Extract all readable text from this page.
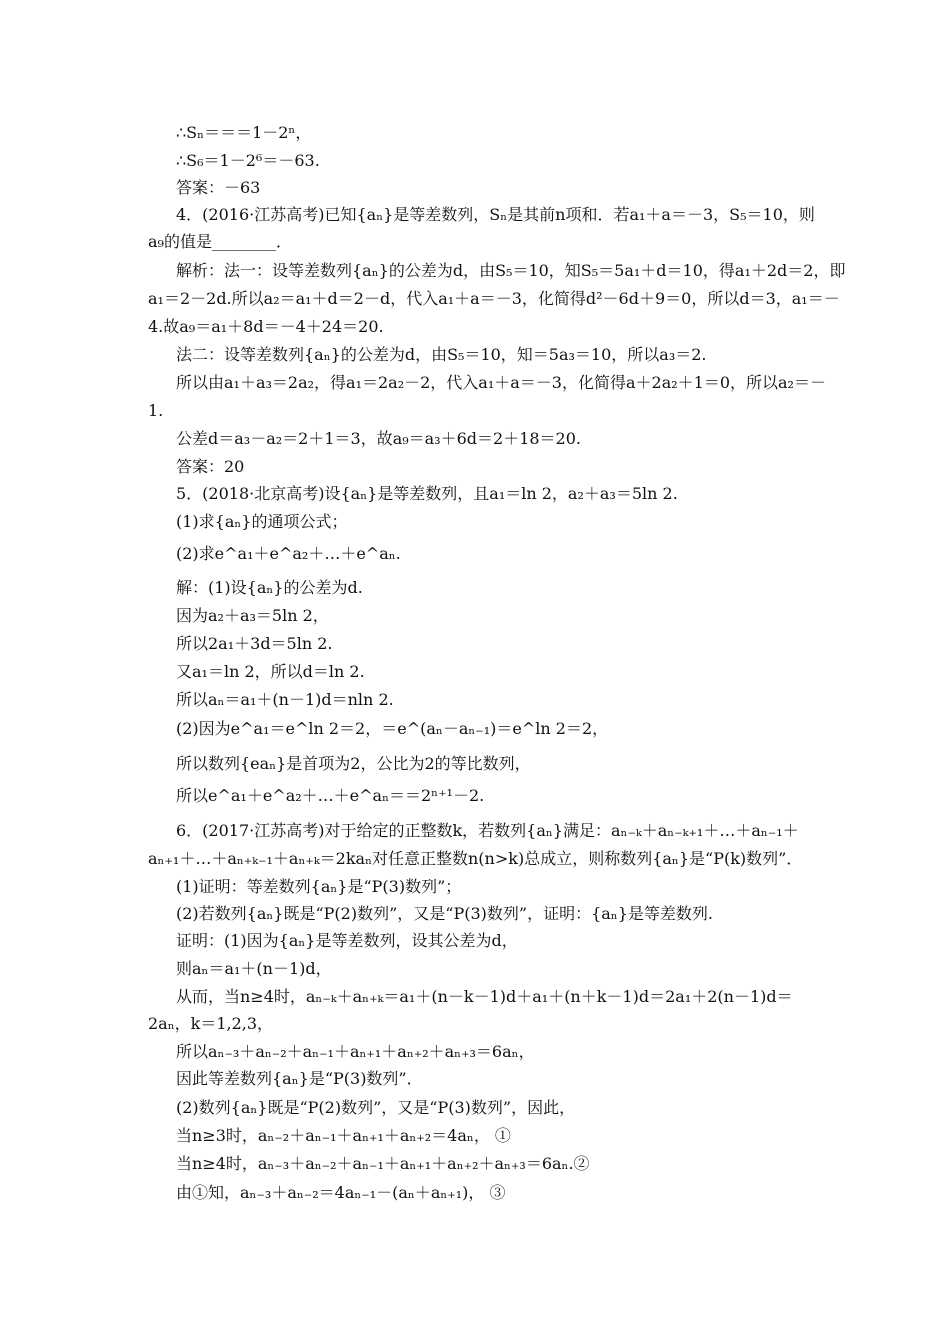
∴Sₙ＝＝＝1－2ⁿ，
∴S₆＝1－2⁶＝－63.
答案：－63
4．(2016·江苏高考)已知{aₙ}是等差数列，Sₙ是其前n项和．若a₁＋a＝－3，S₅＝10，则
a₉的值是________．
解析：法一：设等差数列{aₙ}的公差为d，由S₅＝10，知S₅＝5a₁＋d＝10，得a₁＋2d＝2，即
a₁＝2－2d.所以a₂＝a₁＋d＝2－d，代入a₁＋a＝－3，化简得d²－6d＋9＝0，所以d＝3，a₁＝－
4.故a₉＝a₁＋8d＝－4＋24＝20.
法二：设等差数列{aₙ}的公差为d，由S₅＝10，知＝5a₃＝10，所以a₃＝2.
所以由a₁＋a₃＝2a₂，得a₁＝2a₂－2，代入a₁＋a＝－3，化简得a＋2a₂＋1＝0，所以a₂＝－
1.
公差d＝a₃－a₂＝2＋1＝3，故a₉＝a₃＋6d＝2＋18＝20.
答案：20
5．(2018·北京高考)设{aₙ}是等差数列，且a₁＝ln 2，a₂＋a₃＝5ln 2.
(1)求{aₙ}的通项公式；
(2)求e^a₁＋e^a₂＋…＋e^aₙ.
解：(1)设{aₙ}的公差为d.
因为a₂＋a₃＝5ln 2，
所以2a₁＋3d＝5ln 2.
又a₁＝ln 2，所以d＝ln 2.
所以aₙ＝a₁＋(n－1)d＝nln 2.
(2)因为e^a₁＝e^ln 2＝2，＝e^(aₙ－aₙ₋₁)＝e^ln 2＝2，
所以数列{eaₙ}是首项为2，公比为2的等比数列，
所以e^a₁＋e^a₂＋…＋e^aₙ＝＝2ⁿ⁺¹－2.
6．(2017·江苏高考)对于给定的正整数k，若数列{aₙ}满足：aₙ₋ₖ＋aₙ₋ₖ₊₁＋…＋aₙ₋₁＋
aₙ₊₁＋…＋aₙ₊ₖ₋₁＋aₙ₊ₖ＝2kaₙ对任意正整数n(n>k)总成立，则称数列{aₙ}是“P(k)数列”．
(1)证明：等差数列{aₙ}是“P(3)数列”；
(2)若数列{aₙ}既是“P(2)数列”，又是“P(3)数列”，证明：{aₙ}是等差数列.
证明：(1)因为{aₙ}是等差数列，设其公差为d，
则aₙ＝a₁＋(n－1)d，
从而，当n≥4时，aₙ₋ₖ＋aₙ₊ₖ＝a₁＋(n－k－1)d＋a₁＋(n＋k－1)d＝2a₁＋2(n－1)d＝
2aₙ，k＝1,2,3，
所以aₙ₋₃＋aₙ₋₂＋aₙ₋₁＋aₙ₊₁＋aₙ₊₂＋aₙ₊₃＝6aₙ，
因此等差数列{aₙ}是“P(3)数列”．
(2)数列{aₙ}既是“P(2)数列”，又是“P(3)数列”，因此，
当n≥3时，aₙ₋₂＋aₙ₋₁＋aₙ₊₁＋aₙ₊₂＝4aₙ， ①
当n≥4时，aₙ₋₃＋aₙ₋₂＋aₙ₋₁＋aₙ₊₁＋aₙ₊₂＋aₙ₊₃＝6aₙ.②
由①知，aₙ₋₃＋aₙ₋₂＝4aₙ₋₁－(aₙ＋aₙ₊₁)， ③
